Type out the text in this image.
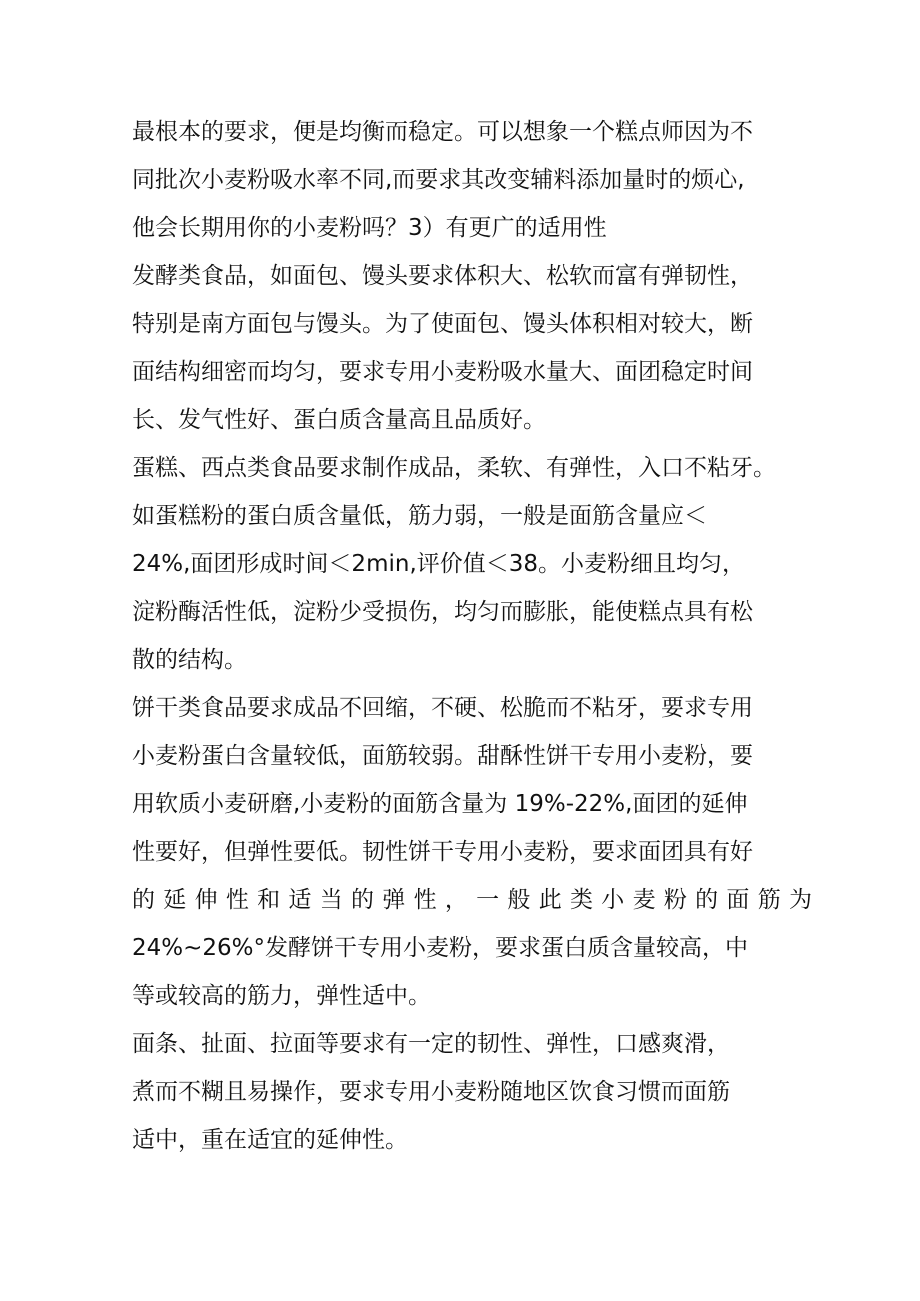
最根本的要求，便是均衡而稳定。可以想象一个糕点师因为不
同批次小麦粉吸水率不同,而要求其改变辅料添加量时的烦心,
他会长期用你的小麦粉吗？3）有更广的适用性
发酵类食品，如面包、馒头要求体积大、松软而富有弹韧性，
特别是南方面包与馒头。为了使面包、馒头体积相对较大，断
面结构细密而均匀，要求专用小麦粉吸水量大、面团稳定时间
长、发气性好、蛋白质含量高且品质好。
蛋糕、西点类食品要求制作成品，柔软、有弹性，入口不粘牙。
如蛋糕粉的蛋白质含量低，筋力弱，一般是面筋含量应＜
24%,面团形成时间＜2min,评价值＜38。小麦粉细且均匀，
淀粉酶活性低，淀粉少受损伤，均匀而膨胀，能使糕点具有松
散的结构。
饼干类食品要求成品不回缩，不硬、松脆而不粘牙，要求专用
小麦粉蛋白含量较低，面筋较弱。甜酥性饼干专用小麦粉，要
用软质小麦研磨,小麦粉的面筋含量为 19%-22%,面团的延伸
性要好，但弹性要低。韧性饼干专用小麦粉，要求面团具有好
的延伸性和适当的弹性，一般此类小麦粉的面筋为
24%~26%°发酵饼干专用小麦粉，要求蛋白质含量较高，中
等或较高的筋力，弹性适中。
面条、扯面、拉面等要求有一定的韧性、弹性，口感爽滑，
煮而不糊且易操作，要求专用小麦粉随地区饮食习惯而面筋
适中，重在适宜的延伸性。
